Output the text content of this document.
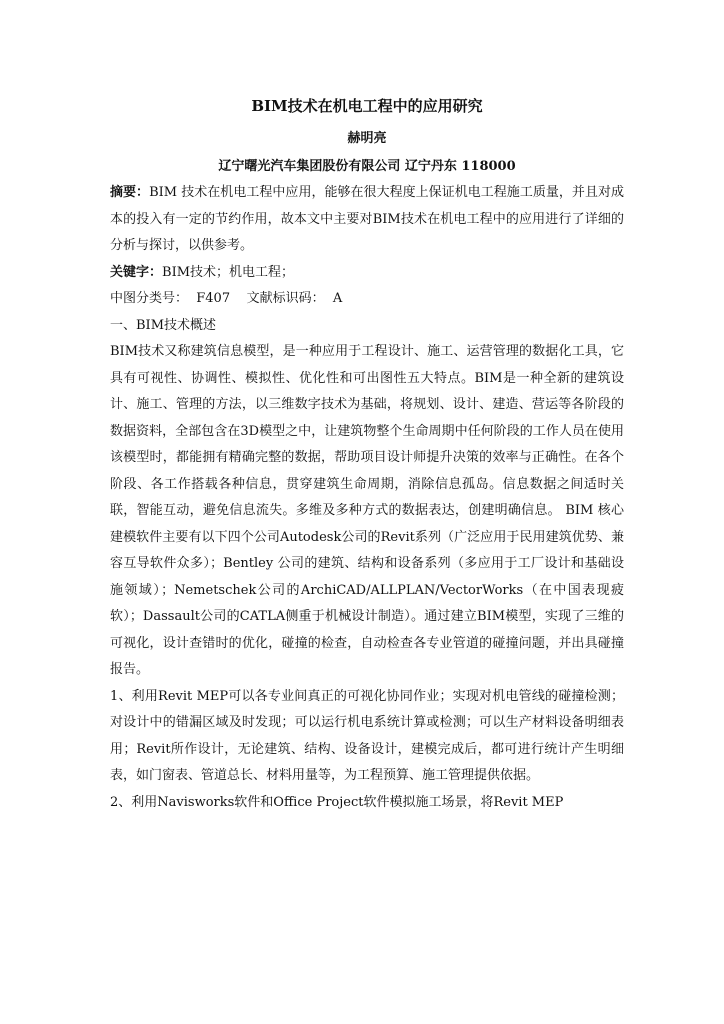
BIM技术在机电工程中的应用研究
赫明亮
辽宁曙光汽车集团股份有限公司 辽宁丹东 118000

摘要：BIM 技术在机电工程中应用，能够在很大程度上保证机电工程施工质量，并且对成本的投入有一定的节约作用，故本文中主要对BIM技术在机电工程中的应用进行了详细的分析与探讨，以供参考。

关键字：BIM技术；机电工程；

中图分类号：  F407    文献标识码：  A

一、BIM技术概述

BIM技术又称建筑信息模型，是一种应用于工程设计、施工、运营管理的数据化工具，它具有可视性、协调性、模拟性、优化性和可出图性五大特点。BIM是一种全新的建筑设计、施工、管理的方法，以三维数字技术为基础，将规划、设计、建造、营运等各阶段的数据资料，全部包含在3D模型之中，让建筑物整个生命周期中任何阶段的工作人员在使用该模型时，都能拥有精确完整的数据，帮助项目设计师提升决策的效率与正确性。在各个阶段、各工作搭载各种信息，贯穿建筑生命周期，消除信息孤岛。信息数据之间适时关联，智能互动，避免信息流失。多维及多种方式的数据表达，创建明确信息。 BIM 核心建模软件主要有以下四个公司Autodesk公司的Revit系列（广泛应用于民用建筑优势、兼容互导软件众多）；Bentley 公司的建筑、结构和设备系列（多应用于工厂设计和基础设施领域）；Nemetschek公司的ArchiCAD/ALLPLAN/VectorWorks（在中国表现疲软）；Dassault公司的CATLA侧重于机械设计制造）。通过建立BIM模型，实现了三维的可视化，设计查错时的优化，碰撞的检查，自动检查各专业管道的碰撞问题，并出具碰撞报告。

1、利用Revit MEP可以各专业间真正的可视化协同作业；实现对机电管线的碰撞检测；对设计中的错漏区域及时发现；可以运行机电系统计算或检测；可以生产材料设备明细表用；Revit所作设计，无论建筑、结构、设备设计，建模完成后，都可进行统计产生明细表，如门窗表、管道总长、材料用量等，为工程预算、施工管理提供依据。

2、利用Navisworks软件和Office Project软件模拟施工场景，将Revit MEP
